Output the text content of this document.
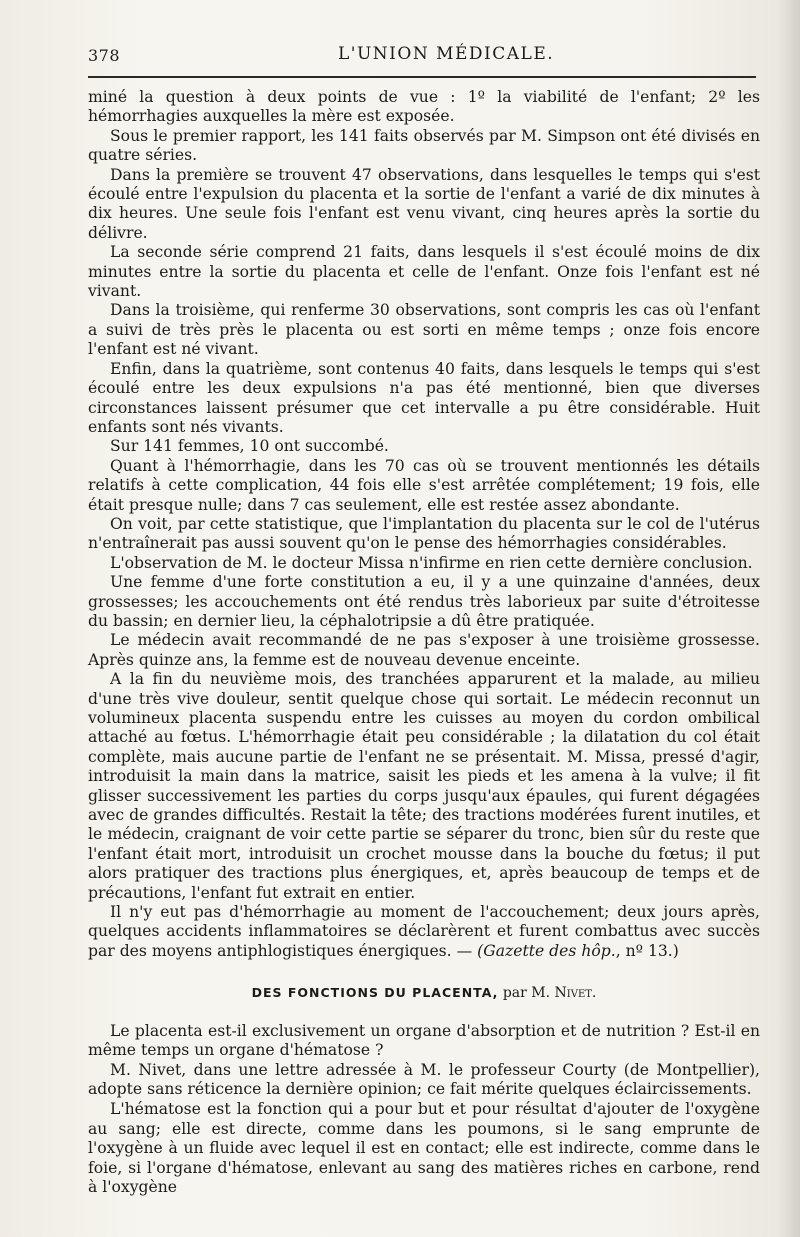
378	L'UNION MÉDICALE.

miné la question à deux points de vue : 1º la viabilité de l'enfant; 2º les hémorrhagies auxquelles la mère est exposée.

Sous le premier rapport, les 141 faits observés par M. Simpson ont été divisés en quatre séries.

Dans la première se trouvent 47 observations, dans lesquelles le temps qui s'est écoulé entre l'expulsion du placenta et la sortie de l'enfant a varié de dix minutes à dix heures. Une seule fois l'enfant est venu vivant, cinq heures après la sortie du délivre.

La seconde série comprend 21 faits, dans lesquels il s'est écoulé moins de dix minutes entre la sortie du placenta et celle de l'enfant. Onze fois l'enfant est né vivant.

Dans la troisième, qui renferme 30 observations, sont compris les cas où l'enfant a suivi de très près le placenta ou est sorti en même temps ; onze fois encore l'enfant est né vivant.

Enfin, dans la quatrième, sont contenus 40 faits, dans lesquels le temps qui s'est écoulé entre les deux expulsions n'a pas été mentionné, bien que diverses circonstances laissent présumer que cet intervalle a pu être considérable. Huit enfants sont nés vivants.

Sur 141 femmes, 10 ont succombé.

Quant à l'hémorrhagie, dans les 70 cas où se trouvent mentionnés les détails relatifs à cette complication, 44 fois elle s'est arrêtée complétement; 19 fois, elle était presque nulle; dans 7 cas seulement, elle est restée assez abondante.

On voit, par cette statistique, que l'implantation du placenta sur le col de l'utérus n'entraînerait pas aussi souvent qu'on le pense des hémorrhagies considérables.

L'observation de M. le docteur Missa n'infirme en rien cette dernière conclusion.

Une femme d'une forte constitution a eu, il y a une quinzaine d'années, deux grossesses; les accouchements ont été rendus très laborieux par suite d'étroitesse du bassin; en dernier lieu, la céphalotripsie a dû être pratiquée.

Le médecin avait recommandé de ne pas s'exposer à une troisième grossesse. Après quinze ans, la femme est de nouveau devenue enceinte.

A la fin du neuvième mois, des tranchées apparurent et la malade, au milieu d'une très vive douleur, sentit quelque chose qui sortait. Le médecin reconnut un volumineux placenta suspendu entre les cuisses au moyen du cordon ombilical attaché au fœtus. L'hémorrhagie était peu considérable ; la dilatation du col était complète, mais aucune partie de l'enfant ne se présentait. M. Missa, pressé d'agir, introduisit la main dans la matrice, saisit les pieds et les amena à la vulve; il fit glisser successivement les parties du corps jusqu'aux épaules, qui furent dégagées avec de grandes difficultés. Restait la tête; des tractions modérées furent inutiles, et le médecin, craignant de voir cette partie se séparer du tronc, bien sûr du reste que l'enfant était mort, introduisit un crochet mousse dans la bouche du fœtus; il put alors pratiquer des tractions plus énergiques, et, après beaucoup de temps et de précautions, l'enfant fut extrait en entier.

Il n'y eut pas d'hémorrhagie au moment de l'accouchement; deux jours après, quelques accidents inflammatoires se déclarèrent et furent combattus avec succès par des moyens antiphlogistiques énergiques. — (Gazette des hôp., nº 13.)

DES FONCTIONS DU PLACENTA, par M. Nivet.

Le placenta est-il exclusivement un organe d'absorption et de nutrition ? Est-il en même temps un organe d'hématose ?

M. Nivet, dans une lettre adressée à M. le professeur Courty (de Montpellier), adopte sans réticence la dernière opinion; ce fait mérite quelques éclaircissements.

L'hématose est la fonction qui a pour but et pour résultat d'ajouter de l'oxygène au sang; elle est directe, comme dans les poumons, si le sang emprunte de l'oxygène à un fluide avec lequel il est en contact; elle est indirecte, comme dans le foie, si l'organe d'hématose, enlevant au sang des matières riches en carbone, rend à l'oxygène
